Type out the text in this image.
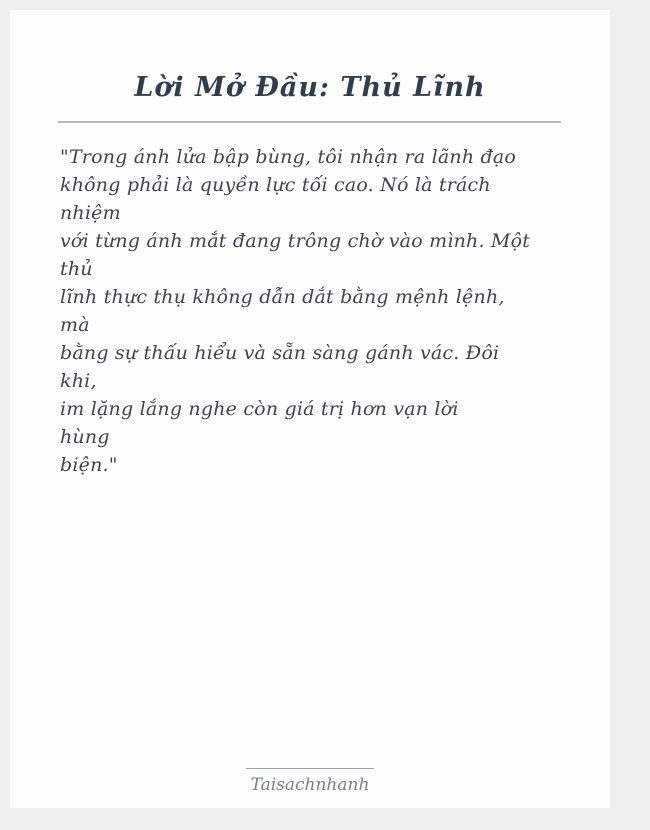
Lời Mở Đầu: Thủ Lĩnh
"Trong ánh lửa bập bùng, tôi nhận ra lãnh đạo
không phải là quyền lực tối cao. Nó là trách
nhiệm
với từng ánh mắt đang trông chờ vào mình. Một
thủ
lĩnh thực thụ không dẫn dắt bằng mệnh lệnh,
mà
bằng sự thấu hiểu và sẵn sàng gánh vác. Đôi
khi,
im lặng lắng nghe còn giá trị hơn vạn lời
hùng
biện."
Taisachnhanh
